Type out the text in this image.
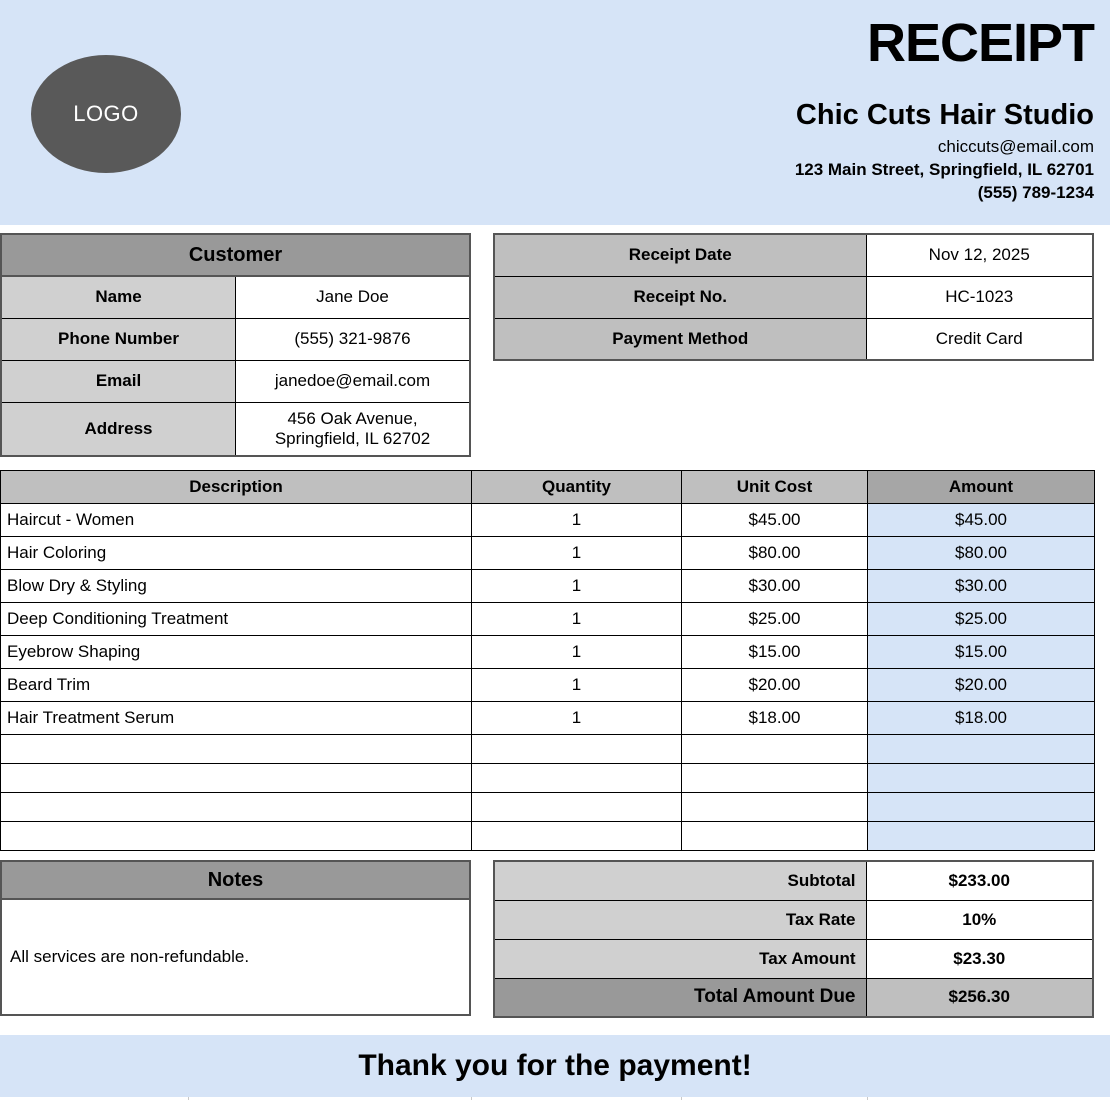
LOGO
RECEIPT
Chic Cuts Hair Studio
chiccuts@email.com
123 Main Street, Springfield, IL 62701
(555) 789-1234
Customer	
Name	Jane Doe
Phone Number	(555) 321-9876
Email	janedoe@email.com
Address	456 Oak Avenue, Springfield, IL 62702
Receipt Date	Nov 12, 2025
Receipt No.	HC-1023
Payment Method	Credit Card
Description	Quantity	Unit Cost	Amount
Haircut - Women	1	$45.00	$45.00
Hair Coloring	1	$80.00	$80.00
Blow Dry & Styling	1	$30.00	$30.00
Deep Conditioning Treatment	1	$25.00	$25.00
Eyebrow Shaping	1	$15.00	$15.00
Beard Trim	1	$20.00	$20.00
Hair Treatment Serum	1	$18.00	$18.00

Notes
All services are non-refundable.
Subtotal	$233.00
Tax Rate	10%
Tax Amount	$23.30
Total Amount Due	$256.30
Thank you for the payment!
